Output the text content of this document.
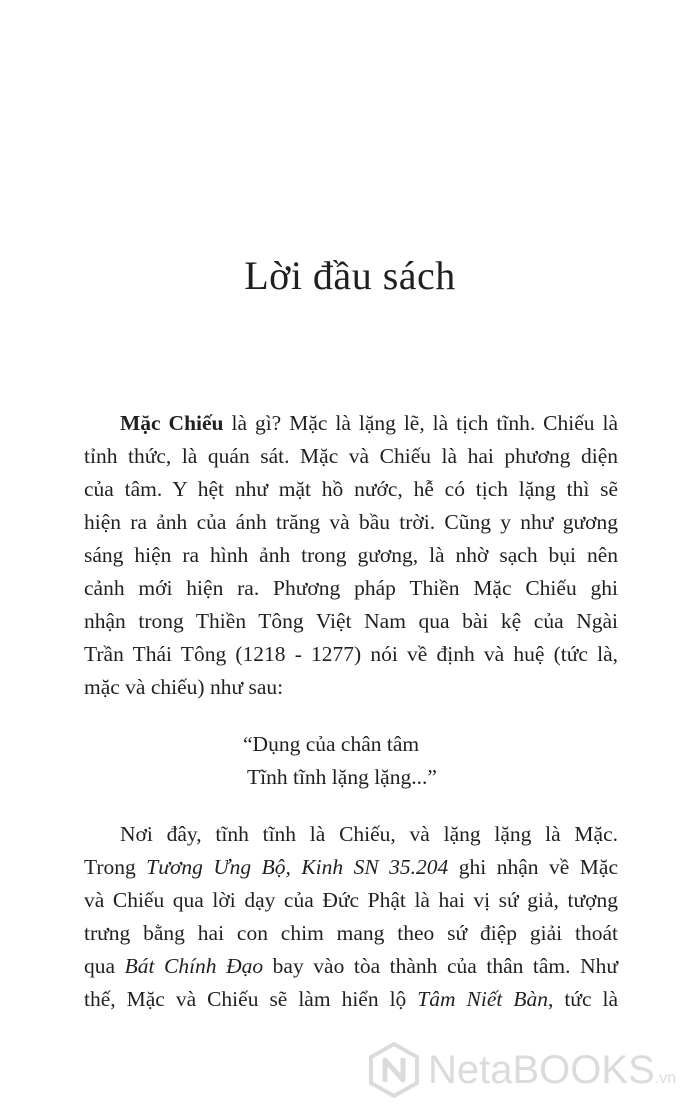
Lời đầu sách
Mặc Chiếu là gì? Mặc là lặng lẽ, là tịch tĩnh. Chiếu là
tỉnh thức, là quán sát. Mặc và Chiếu là hai phương diện
của tâm. Y hệt như mặt hồ nước, hễ có tịch lặng thì sẽ
hiện ra ảnh của ánh trăng và bầu trời. Cũng y như gương
sáng hiện ra hình ảnh trong gương, là nhờ sạch bụi nên
cảnh mới hiện ra. Phương pháp Thiền Mặc Chiếu ghi
nhận trong Thiền Tông Việt Nam qua bài kệ của Ngài
Trần Thái Tông (1218 - 1277) nói về định và huệ (tức là,
mặc và chiếu) như sau:
“Dụng của chân tâm
Tĩnh tĩnh lặng lặng...”
Nơi đây, tĩnh tĩnh là Chiếu, và lặng lặng là Mặc.
Trong Tương Ưng Bộ, Kinh SN 35.204 ghi nhận về Mặc
và Chiếu qua lời dạy của Đức Phật là hai vị sứ giả, tượng
trưng bằng hai con chim mang theo sứ điệp giải thoát
qua Bát Chính Đạo bay vào tòa thành của thân tâm. Như
thế, Mặc và Chiếu sẽ làm hiển lộ Tâm Niết Bàn, tức là
NetaBOOKS.vn
